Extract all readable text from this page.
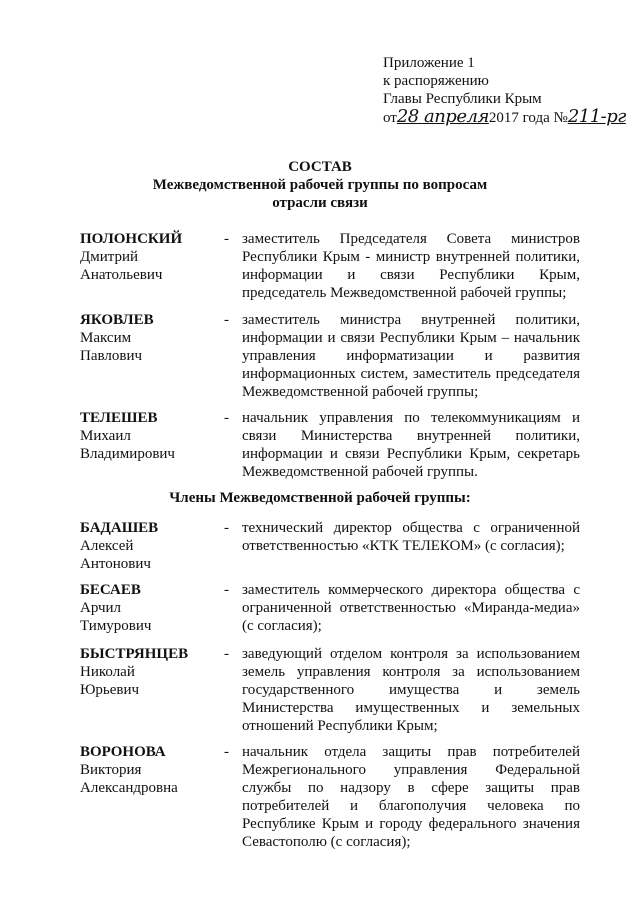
Приложение 1
к распоряжению
Главы Республики Крым
от28 апреля2017 года №211-рг
СОСТАВ
Межведомственной рабочей группы по вопросам
отрасли связи
ПОЛОНСКИЙ
Дмитрий
Анатольевич
- заместитель Председателя Совета министров Республики Крым - министр внутренней политики, информации и связи Республики Крым, председатель Межведомственной рабочей группы;
ЯКОВЛЕВ
Максим
Павлович
- заместитель министра внутренней политики, информации и связи Республики Крым – начальник управления информатизации и развития информационных систем, заместитель председателя Межведомственной рабочей группы;
ТЕЛЕШЕВ
Михаил
Владимирович
- начальник управления по телекоммуникациям и связи Министерства внутренней политики, информации и связи Республики Крым, секретарь Межведомственной рабочей группы.
Члены Межведомственной рабочей группы:
БАДАШЕВ
Алексей
Антонович
- технический директор общества с ограниченной ответственностью «КТК ТЕЛЕКОМ» (с согласия);
БЕСАЕВ
Арчил
Тимурович
- заместитель коммерческого директора общества с ограниченной ответственностью «Миранда-медиа» (с согласия);
БЫСТРЯНЦЕВ
Николай
Юрьевич
- заведующий отделом контроля за использованием земель управления контроля за использованием государственного имущества и земель Министерства имущественных и земельных отношений Республики Крым;
ВОРОНОВА
Виктория
Александровна
- начальник отдела защиты прав потребителей Межрегионального управления Федеральной службы по надзору в сфере защиты прав потребителей и благополучия человека по Республике Крым и городу федерального значения Севастополю (с согласия);
